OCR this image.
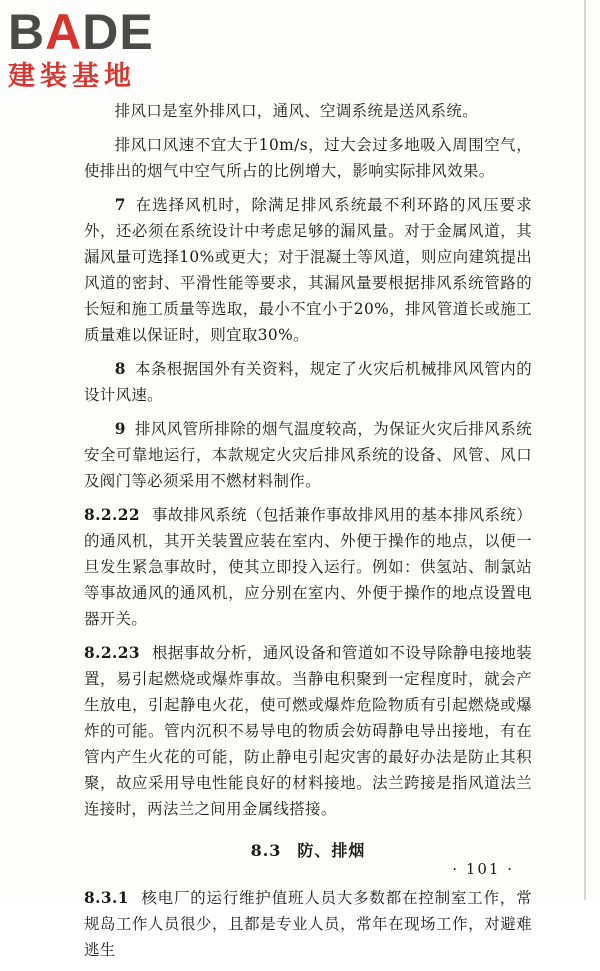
BADE
建装基地

排风口是室外排风口，通风、空调系统是送风系统。

排风口风速不宜大于10m/s，过大会过多地吸入周围空气，使排出的烟气中空气所占的比例增大，影响实际排风效果。

7 在选择风机时，除满足排风系统最不利环路的风压要求外，还必须在系统设计中考虑足够的漏风量。对于金属风道，其漏风量可选择10%或更大；对于混凝土等风道，则应向建筑提出风道的密封、平滑性能等要求，其漏风量要根据排风系统管路的长短和施工质量等选取，最小不宜小于20%，排风管道长或施工质量难以保证时，则宜取30%。

8 本条根据国外有关资料，规定了火灾后机械排风风管内的设计风速。

9 排风风管所排除的烟气温度较高，为保证火灾后排风系统安全可靠地运行，本款规定火灾后排风系统的设备、风管、风口及阀门等必须采用不燃材料制作。

8.2.22 事故排风系统（包括兼作事故排风用的基本排风系统）的通风机，其开关装置应装在室内、外便于操作的地点，以便一旦发生紧急事故时，使其立即投入运行。例如：供氢站、制氯站等事故通风的通风机，应分别在室内、外便于操作的地点设置电器开关。

8.2.23 根据事故分析，通风设备和管道如不设导除静电接地装置，易引起燃烧或爆炸事故。当静电积聚到一定程度时，就会产生放电，引起静电火花，使可燃或爆炸危险物质有引起燃烧或爆炸的可能。管内沉积不易导电的物质会妨碍静电导出接地，有在管内产生火花的可能，防止静电引起灾害的最好办法是防止其积聚，故应采用导电性能良好的材料接地。法兰跨接是指风道法兰连接时，两法兰之间用金属线搭接。

8.3 防、排烟

8.3.1 核电厂的运行维护值班人员大多数都在控制室工作，常规岛工作人员很少，且都是专业人员，常年在现场工作，对避难逃生

· 101 ·
